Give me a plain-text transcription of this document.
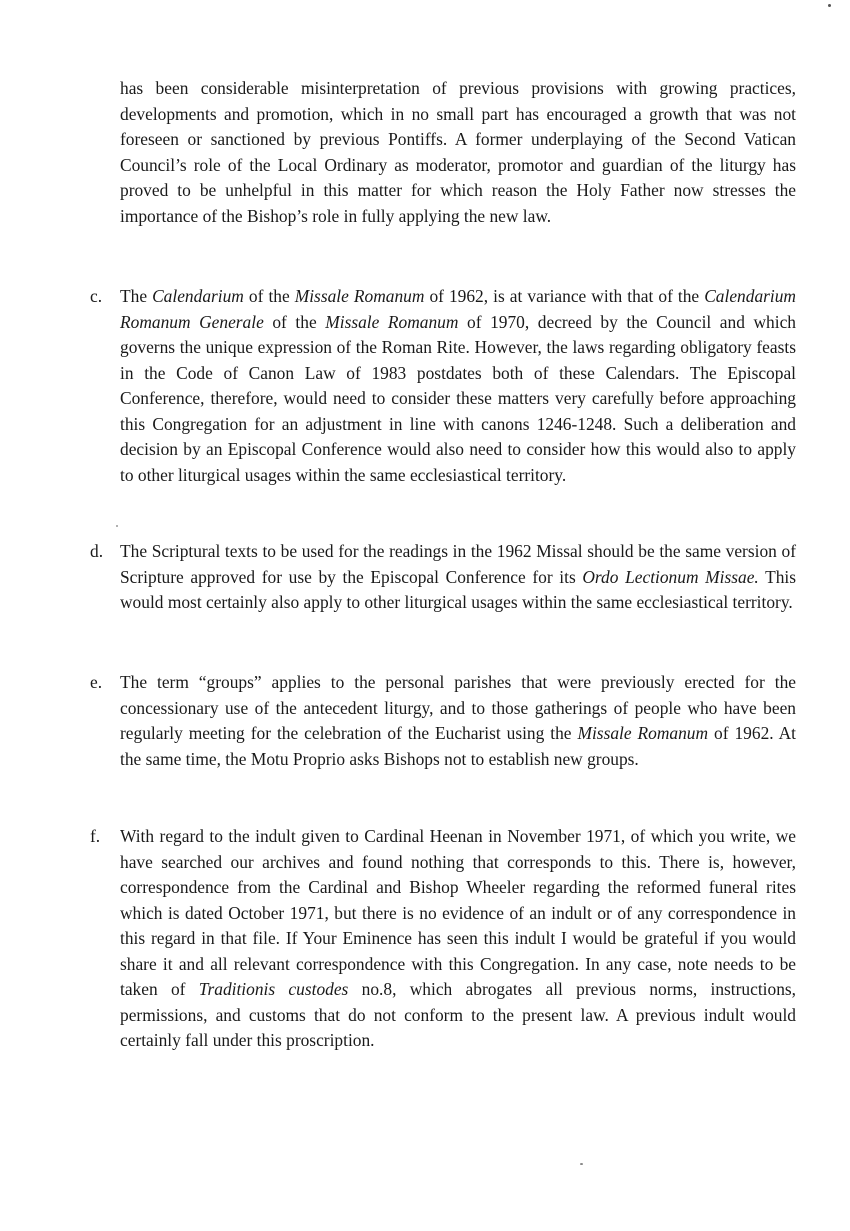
has been considerable misinterpretation of previous provisions with growing practices, developments and promotion, which in no small part has encouraged a growth that was not foreseen or sanctioned by previous Pontiffs. A former underplaying of the Second Vatican Council’s role of the Local Ordinary as moderator, promotor and guardian of the liturgy has proved to be unhelpful in this matter for which reason the Holy Father now stresses the importance of the Bishop’s role in fully applying the new law.

c.	The Calendarium of the Missale Romanum of 1962, is at variance with that of the Calendarium Romanum Generale of the Missale Romanum of 1970, decreed by the Council and which governs the unique expression of the Roman Rite. However, the laws regarding obligatory feasts in the Code of Canon Law of 1983 postdates both of these Calendars. The Episcopal Conference, therefore, would need to consider these matters very carefully before approaching this Congregation for an adjustment in line with canons 1246-1248. Such a deliberation and decision by an Episcopal Conference would also need to consider how this would also to apply to other liturgical usages within the same ecclesiastical territory.
d. The Scriptural texts to be used for the readings in the 1962 Missal should be the same version of Scripture approved for use by the Episcopal Conference for its Ordo Lectionum Missae. This would most certainly also apply to other liturgical usages within the same ecclesiastical territory.
e.	The term “groups” applies to the personal parishes that were previously erected for the concessionary use of the antecedent liturgy, and to those gatherings of people who have been regularly meeting for the celebration of the Eucharist using the Missale Romanum of 1962. At the same time, the Motu Proprio asks Bishops not to establish new groups.
f.	With regard to the indult given to Cardinal Heenan in November 1971, of which you write, we have searched our archives and found nothing that corresponds to this. There is, however, correspondence from the Cardinal and Bishop Wheeler regarding the reformed funeral rites which is dated October 1971, but there is no evidence of an indult or of any correspondence in this regard in that file. If Your Eminence has seen this indult I would be grateful if you would share it and all relevant correspondence with this Congregation. In any case, note needs to be taken of Traditionis custodes no.8, which abrogates all previous norms, instructions, permissions, and customs that do not conform to the present law. A previous indult would certainly fall under this proscription.
